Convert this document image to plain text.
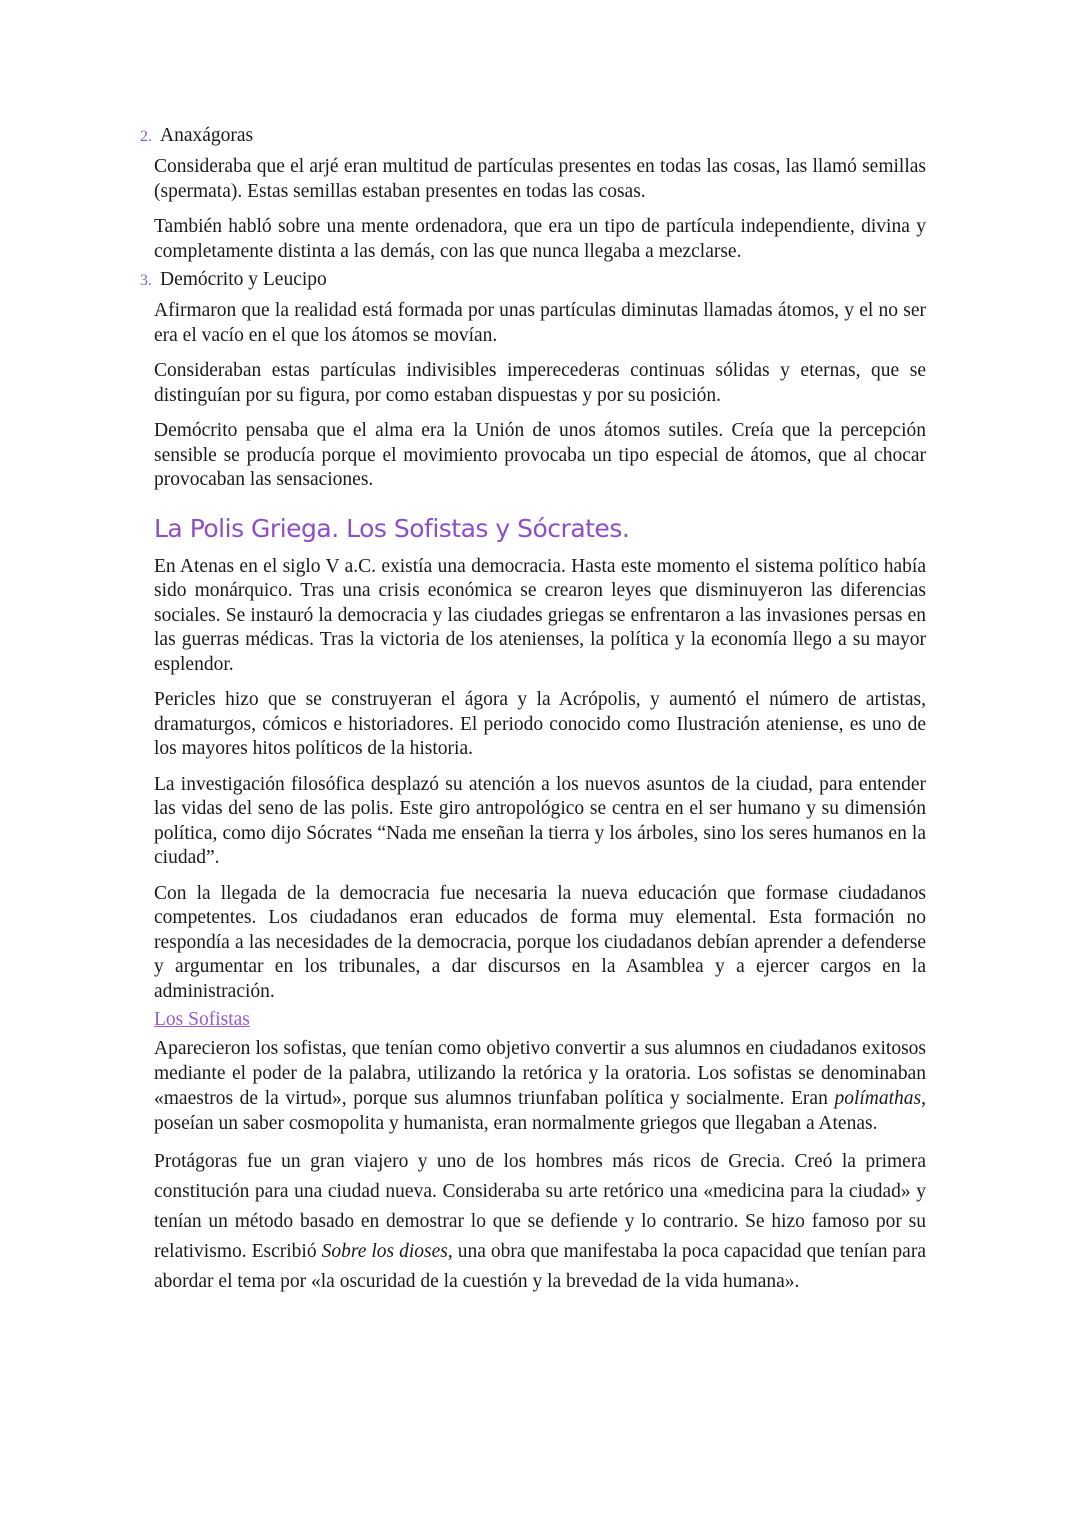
2. Anaxágoras

Consideraba que el arjé eran multitud de partículas presentes en todas las cosas, las llamó semillas (spermata). Estas semillas estaban presentes en todas las cosas.

También habló sobre una mente ordenadora, que era un tipo de partícula independiente, divina y completamente distinta a las demás, con las que nunca llegaba a mezclarse.

3. Demócrito y Leucipo

Afirmaron que la realidad está formada por unas partículas diminutas llamadas átomos, y el no ser era el vacío en el que los átomos se movían.

Consideraban estas partículas indivisibles imperecederas continuas sólidas y eternas, que se distinguían por su figura, por como estaban dispuestas y por su posición.

Demócrito pensaba que el alma era la Unión de unos átomos sutiles. Creía que la percepción sensible se producía porque el movimiento provocaba un tipo especial de átomos, que al chocar provocaban las sensaciones.

La Polis Griega. Los Sofistas y Sócrates.

En Atenas en el siglo V a.C. existía una democracia. Hasta este momento el sistema político había sido monárquico. Tras una crisis económica se crearon leyes que disminuyeron las diferencias sociales. Se instauró la democracia y las ciudades griegas se enfrentaron a las invasiones persas en las guerras médicas. Tras la victoria de los atenienses, la política y la economía llego a su mayor esplendor.

Pericles hizo que se construyeran el ágora y la Acrópolis, y aumentó el número de artistas, dramaturgos, cómicos e historiadores. El periodo conocido como Ilustración ateniense, es uno de los mayores hitos políticos de la historia.

La investigación filosófica desplazó su atención a los nuevos asuntos de la ciudad, para entender las vidas del seno de las polis. Este giro antropológico se centra en el ser humano y su dimensión política, como dijo Sócrates “Nada me enseñan la tierra y los árboles, sino los seres humanos en la ciudad”.

Con la llegada de la democracia fue necesaria la nueva educación que formase ciudadanos competentes. Los ciudadanos eran educados de forma muy elemental. Esta formación no respondía a las necesidades de la democracia, porque los ciudadanos debían aprender a defenderse y argumentar en los tribunales, a dar discursos en la Asamblea y a ejercer cargos en la administración.

Los Sofistas

Aparecieron los sofistas, que tenían como objetivo convertir a sus alumnos en ciudadanos exitosos mediante el poder de la palabra, utilizando la retórica y la oratoria. Los sofistas se denominaban «maestros de la virtud», porque sus alumnos triunfaban política y socialmente. Eran polímathas, poseían un saber cosmopolita y humanista, eran normalmente griegos que llegaban a Atenas.

Protágoras fue un gran viajero y uno de los hombres más ricos de Grecia. Creó la primera constitución para una ciudad nueva. Consideraba su arte retórico una «medicina para la ciudad» y tenían un método basado en demostrar lo que se defiende y lo contrario. Se hizo famoso por su relativismo. Escribió Sobre los dioses, una obra que manifestaba la poca capacidad que tenían para abordar el tema por «la oscuridad de la cuestión y la brevedad de la vida humana».
